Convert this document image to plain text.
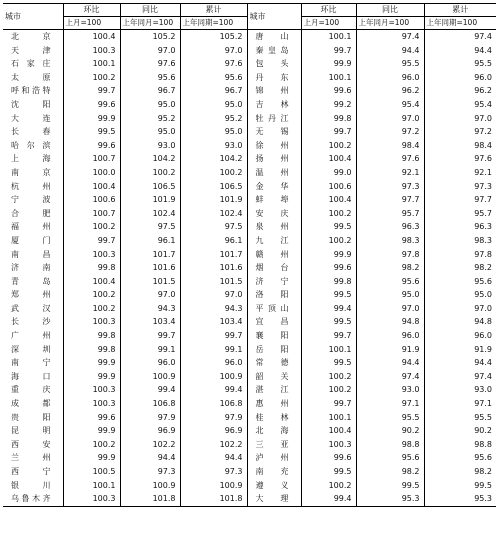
城市	环比	同比	累计	城市	环比	同比	累计
	上月=100	上年同月=100	上年同期=100		上月=100	上年同月=100	上年同期=100
北 京	100.4	105.2	105.2	唐 山	100.1	97.4	97.4
天 津	100.3	97.0	97.0	秦皇岛	99.7	94.4	94.4
石家庄	100.1	97.6	97.6	包 头	99.9	95.5	95.5
太 原	100.2	95.6	95.6	丹 东	100.1	96.0	96.0
呼和浩特	99.7	96.7	96.7	锦 州	99.6	96.2	96.2
沈 阳	99.6	95.0	95.0	吉 林	99.2	95.4	95.4
大 连	99.9	95.2	95.2	牡丹江	99.8	97.0	97.0
长 春	99.5	95.0	95.0	无 锡	99.7	97.2	97.2
哈尔滨	99.6	93.0	93.0	徐 州	100.2	98.4	98.4
上 海	100.7	104.2	104.2	扬 州	100.4	97.6	97.6
南 京	100.0	100.2	100.2	温 州	99.0	92.1	92.1
杭 州	100.4	106.5	106.5	金 华	100.6	97.3	97.3
宁 波	100.6	101.9	101.9	蚌 埠	100.4	97.7	97.7
合 肥	100.7	102.4	102.4	安 庆	100.2	95.7	95.7
福 州	100.2	97.5	97.5	泉 州	99.5	96.3	96.3
厦 门	99.7	96.1	96.1	九 江	100.2	98.3	98.3
南 昌	100.3	101.7	101.7	赣 州	99.9	97.8	97.8
济 南	99.8	101.6	101.6	烟 台	99.6	98.2	98.2
青 岛	100.4	101.5	101.5	济 宁	99.8	95.6	95.6
郑 州	100.2	97.0	97.0	洛 阳	99.5	95.0	95.0
武 汉	100.2	94.3	94.3	平顶山	99.4	97.0	97.0
长 沙	100.3	103.4	103.4	宜 昌	99.5	94.8	94.8
广 州	99.8	99.7	99.7	襄 阳	99.7	96.0	96.0
深 圳	99.8	99.1	99.1	岳 阳	100.1	91.9	91.9
南 宁	99.9	96.0	96.0	常 德	99.5	94.4	94.4
海 口	99.9	100.9	100.9	韶 关	100.2	97.4	97.4
重 庆	100.3	99.4	99.4	湛 江	100.2	93.0	93.0
成 都	100.3	106.8	106.8	惠 州	99.7	97.1	97.1
贵 阳	99.6	97.9	97.9	桂 林	100.1	95.5	95.5
昆 明	99.9	96.9	96.9	北 海	100.4	90.2	90.2
西 安	100.2	102.2	102.2	三 亚	100.3	98.8	98.8
兰 州	99.9	94.4	94.4	泸 州	99.6	95.6	95.6
西 宁	100.5	97.3	97.3	南 充	99.5	98.2	98.2
银 川	100.1	100.9	100.9	遵 义	100.2	99.5	99.5
乌鲁木齐	100.3	101.8	101.8	大 理	99.4	95.3	95.3
